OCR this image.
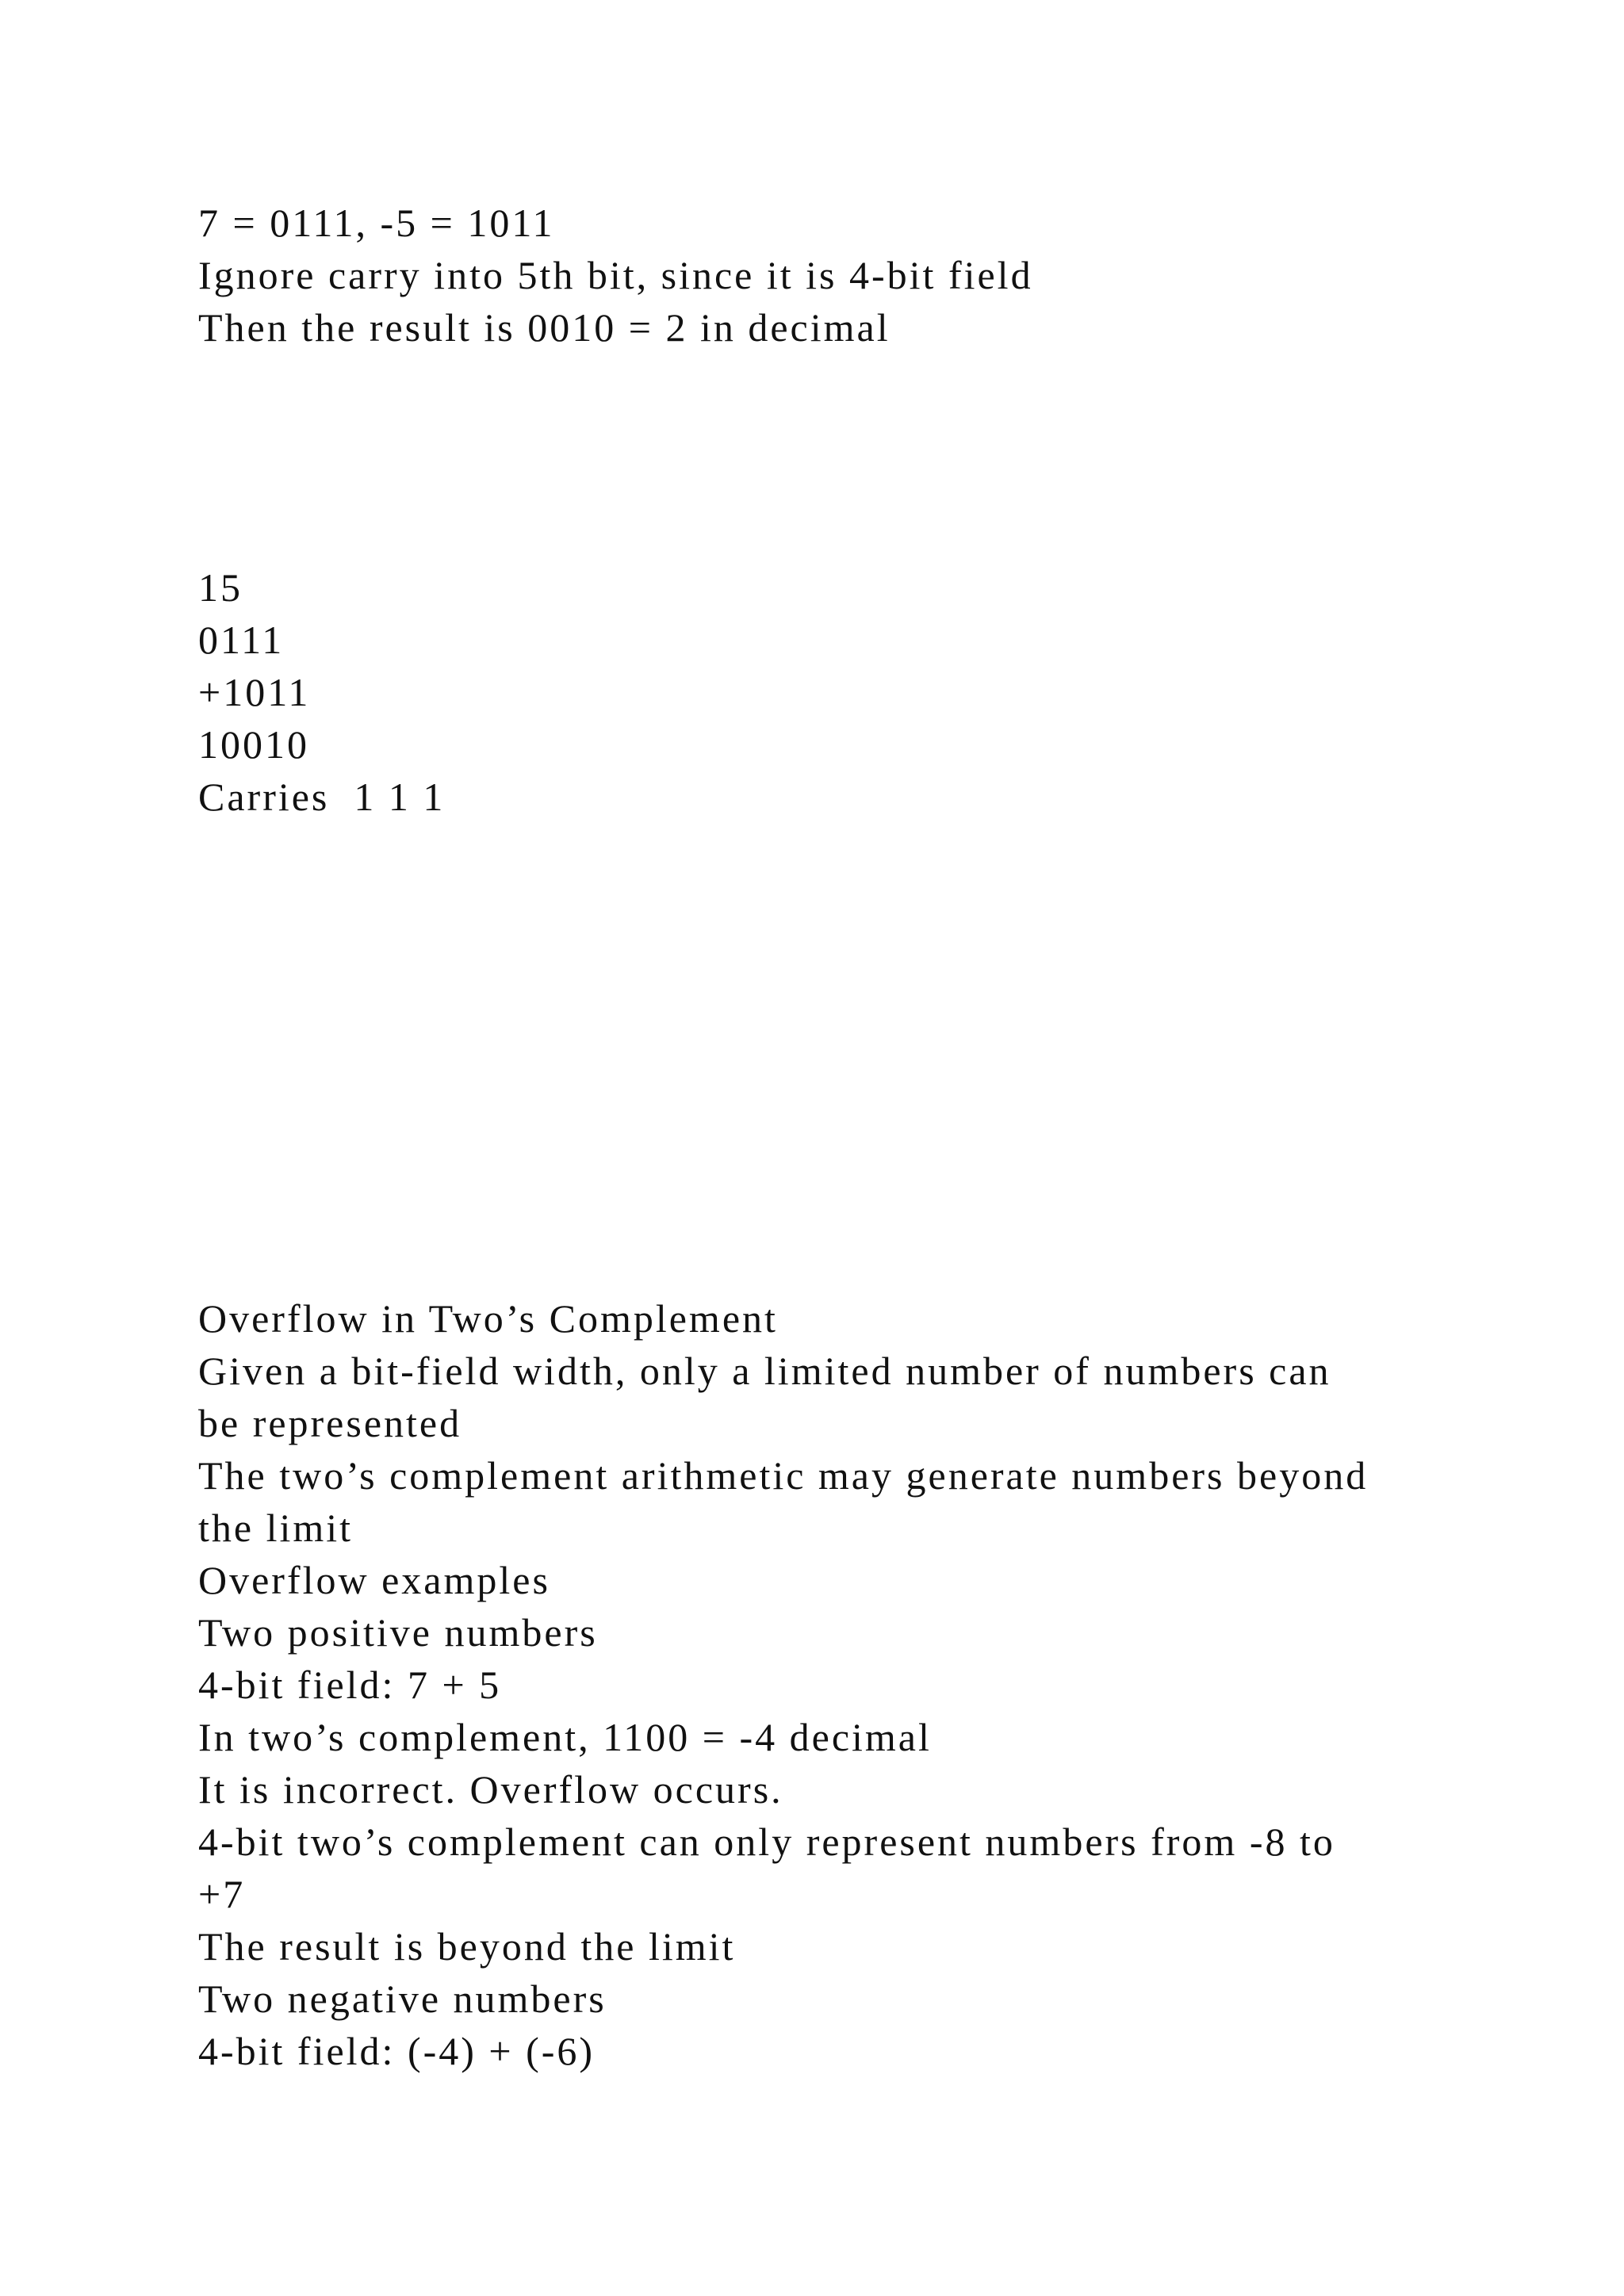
7 = 0111, -5 = 1011
Ignore carry into 5th bit, since it is 4-bit field
Then the result is 0010 = 2 in decimal
15
0111
+1011
10010
Carries  1 1 1
Overflow in Two’s Complement
Given a bit-field width, only a limited number of numbers can
be represented
The two’s complement arithmetic may generate numbers beyond
the limit
Overflow examples
Two positive numbers
4-bit field: 7 + 5
In two’s complement, 1100 = -4 decimal
It is incorrect. Overflow occurs.
4-bit two’s complement can only represent numbers from -8 to
+7
The result is beyond the limit
Two negative numbers
4-bit field: (-4) + (-6)
